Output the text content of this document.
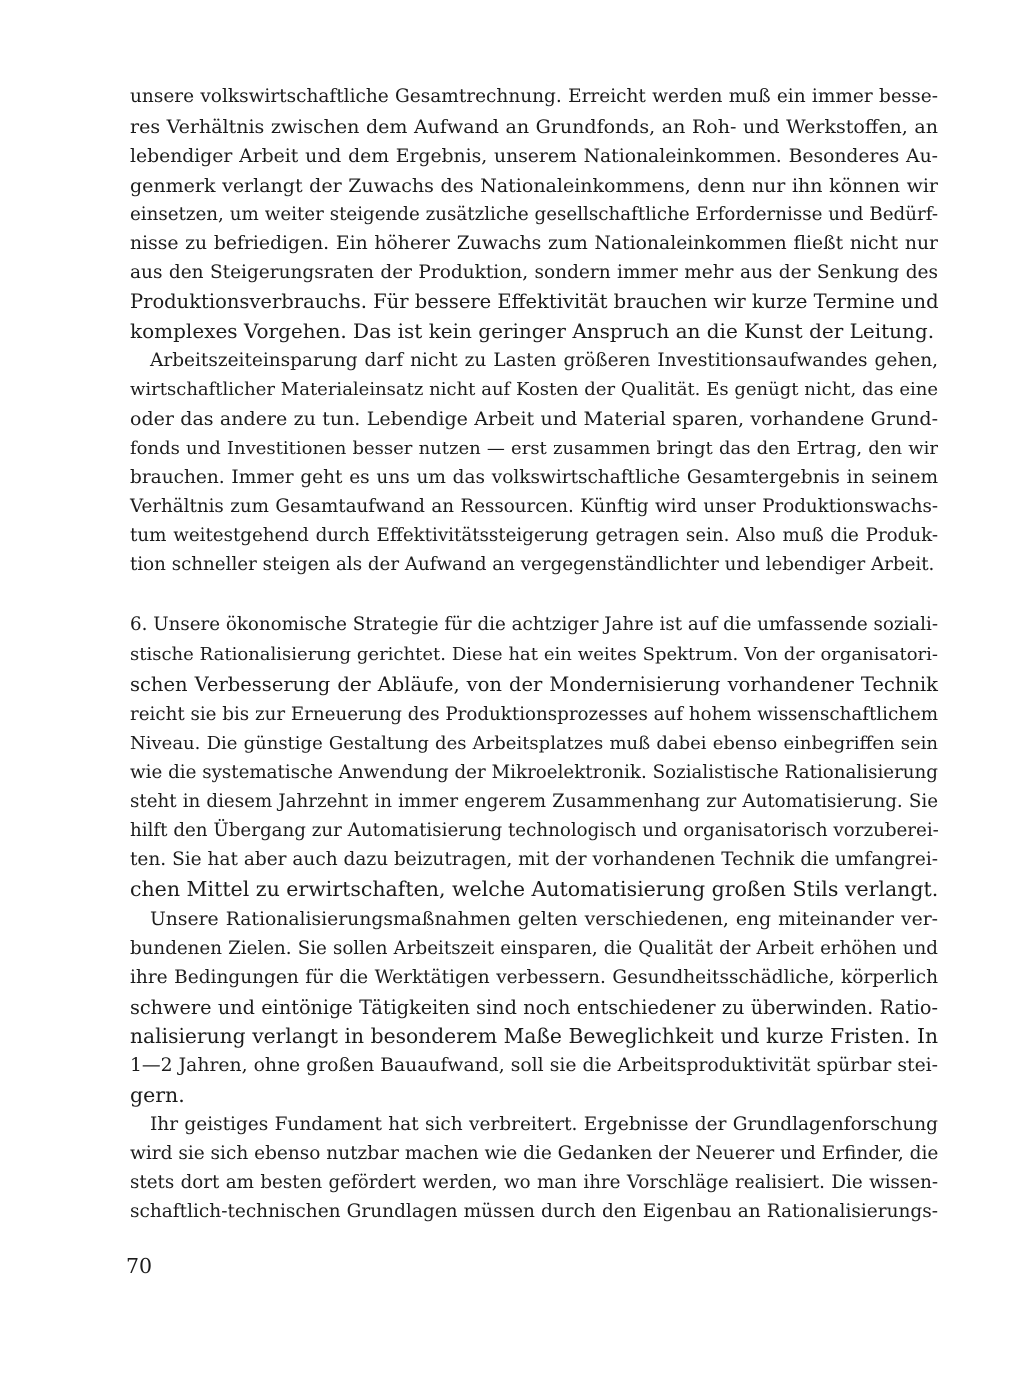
unsere volkswirtschaftliche Gesamtrechnung. Erreicht werden muß ein immer besse-
res Verhältnis zwischen dem Aufwand an Grundfonds, an Roh- und Werkstoffen, an
lebendiger Arbeit und dem Ergebnis, unserem Nationaleinkommen. Besonderes Au-
genmerk verlangt der Zuwachs des Nationaleinkommens, denn nur ihn können wir
einsetzen, um weiter steigende zusätzliche gesellschaftliche Erfordernisse und Bedürf-
nisse zu befriedigen. Ein höherer Zuwachs zum Nationaleinkommen fließt nicht nur
aus den Steigerungsraten der Produktion, sondern immer mehr aus der Senkung des
Produktionsverbrauchs. Für bessere Effektivität brauchen wir kurze Termine und
komplexes Vorgehen. Das ist kein geringer Anspruch an die Kunst der Leitung.
Arbeitszeiteinsparung darf nicht zu Lasten größeren Investitionsaufwandes gehen,
wirtschaftlicher Materialeinsatz nicht auf Kosten der Qualität. Es genügt nicht, das eine
oder das andere zu tun. Lebendige Arbeit und Material sparen, vorhandene Grund-
fonds und Investitionen besser nutzen — erst zusammen bringt das den Ertrag, den wir
brauchen. Immer geht es uns um das volkswirtschaftliche Gesamtergebnis in seinem
Verhältnis zum Gesamtaufwand an Ressourcen. Künftig wird unser Produktionswachs-
tum weitestgehend durch Effektivitätssteigerung getragen sein. Also muß die Produk-
tion schneller steigen als der Aufwand an vergegenständlichter und lebendiger Arbeit.
6. Unsere ökonomische Strategie für die achtziger Jahre ist auf die umfassende soziali-
stische Rationalisierung gerichtet. Diese hat ein weites Spektrum. Von der organisatori-
schen Verbesserung der Abläufe, von der Mondernisierung vorhandener Technik
reicht sie bis zur Erneuerung des Produktionsprozesses auf hohem wissenschaftlichem
Niveau. Die günstige Gestaltung des Arbeitsplatzes muß dabei ebenso einbegriffen sein
wie die systematische Anwendung der Mikroelektronik. Sozialistische Rationalisierung
steht in diesem Jahrzehnt in immer engerem Zusammenhang zur Automatisierung. Sie
hilft den Übergang zur Automatisierung technologisch und organisatorisch vorzuberei-
ten. Sie hat aber auch dazu beizutragen, mit der vorhandenen Technik die umfangrei-
chen Mittel zu erwirtschaften, welche Automatisierung großen Stils verlangt.
Unsere Rationalisierungsmaßnahmen gelten verschiedenen, eng miteinander ver-
bundenen Zielen. Sie sollen Arbeitszeit einsparen, die Qualität der Arbeit erhöhen und
ihre Bedingungen für die Werktätigen verbessern. Gesundheitsschädliche, körperlich
schwere und eintönige Tätigkeiten sind noch entschiedener zu überwinden. Ratio-
nalisierung verlangt in besonderem Maße Beweglichkeit und kurze Fristen. In
1—2 Jahren, ohne großen Bauaufwand, soll sie die Arbeitsproduktivität spürbar stei-
gern.
Ihr geistiges Fundament hat sich verbreitert. Ergebnisse der Grundlagenforschung
wird sie sich ebenso nutzbar machen wie die Gedanken der Neuerer und Erfinder, die
stets dort am besten gefördert werden, wo man ihre Vorschläge realisiert. Die wissen-
schaftlich-technischen Grundlagen müssen durch den Eigenbau an Rationalisierungs-
70
